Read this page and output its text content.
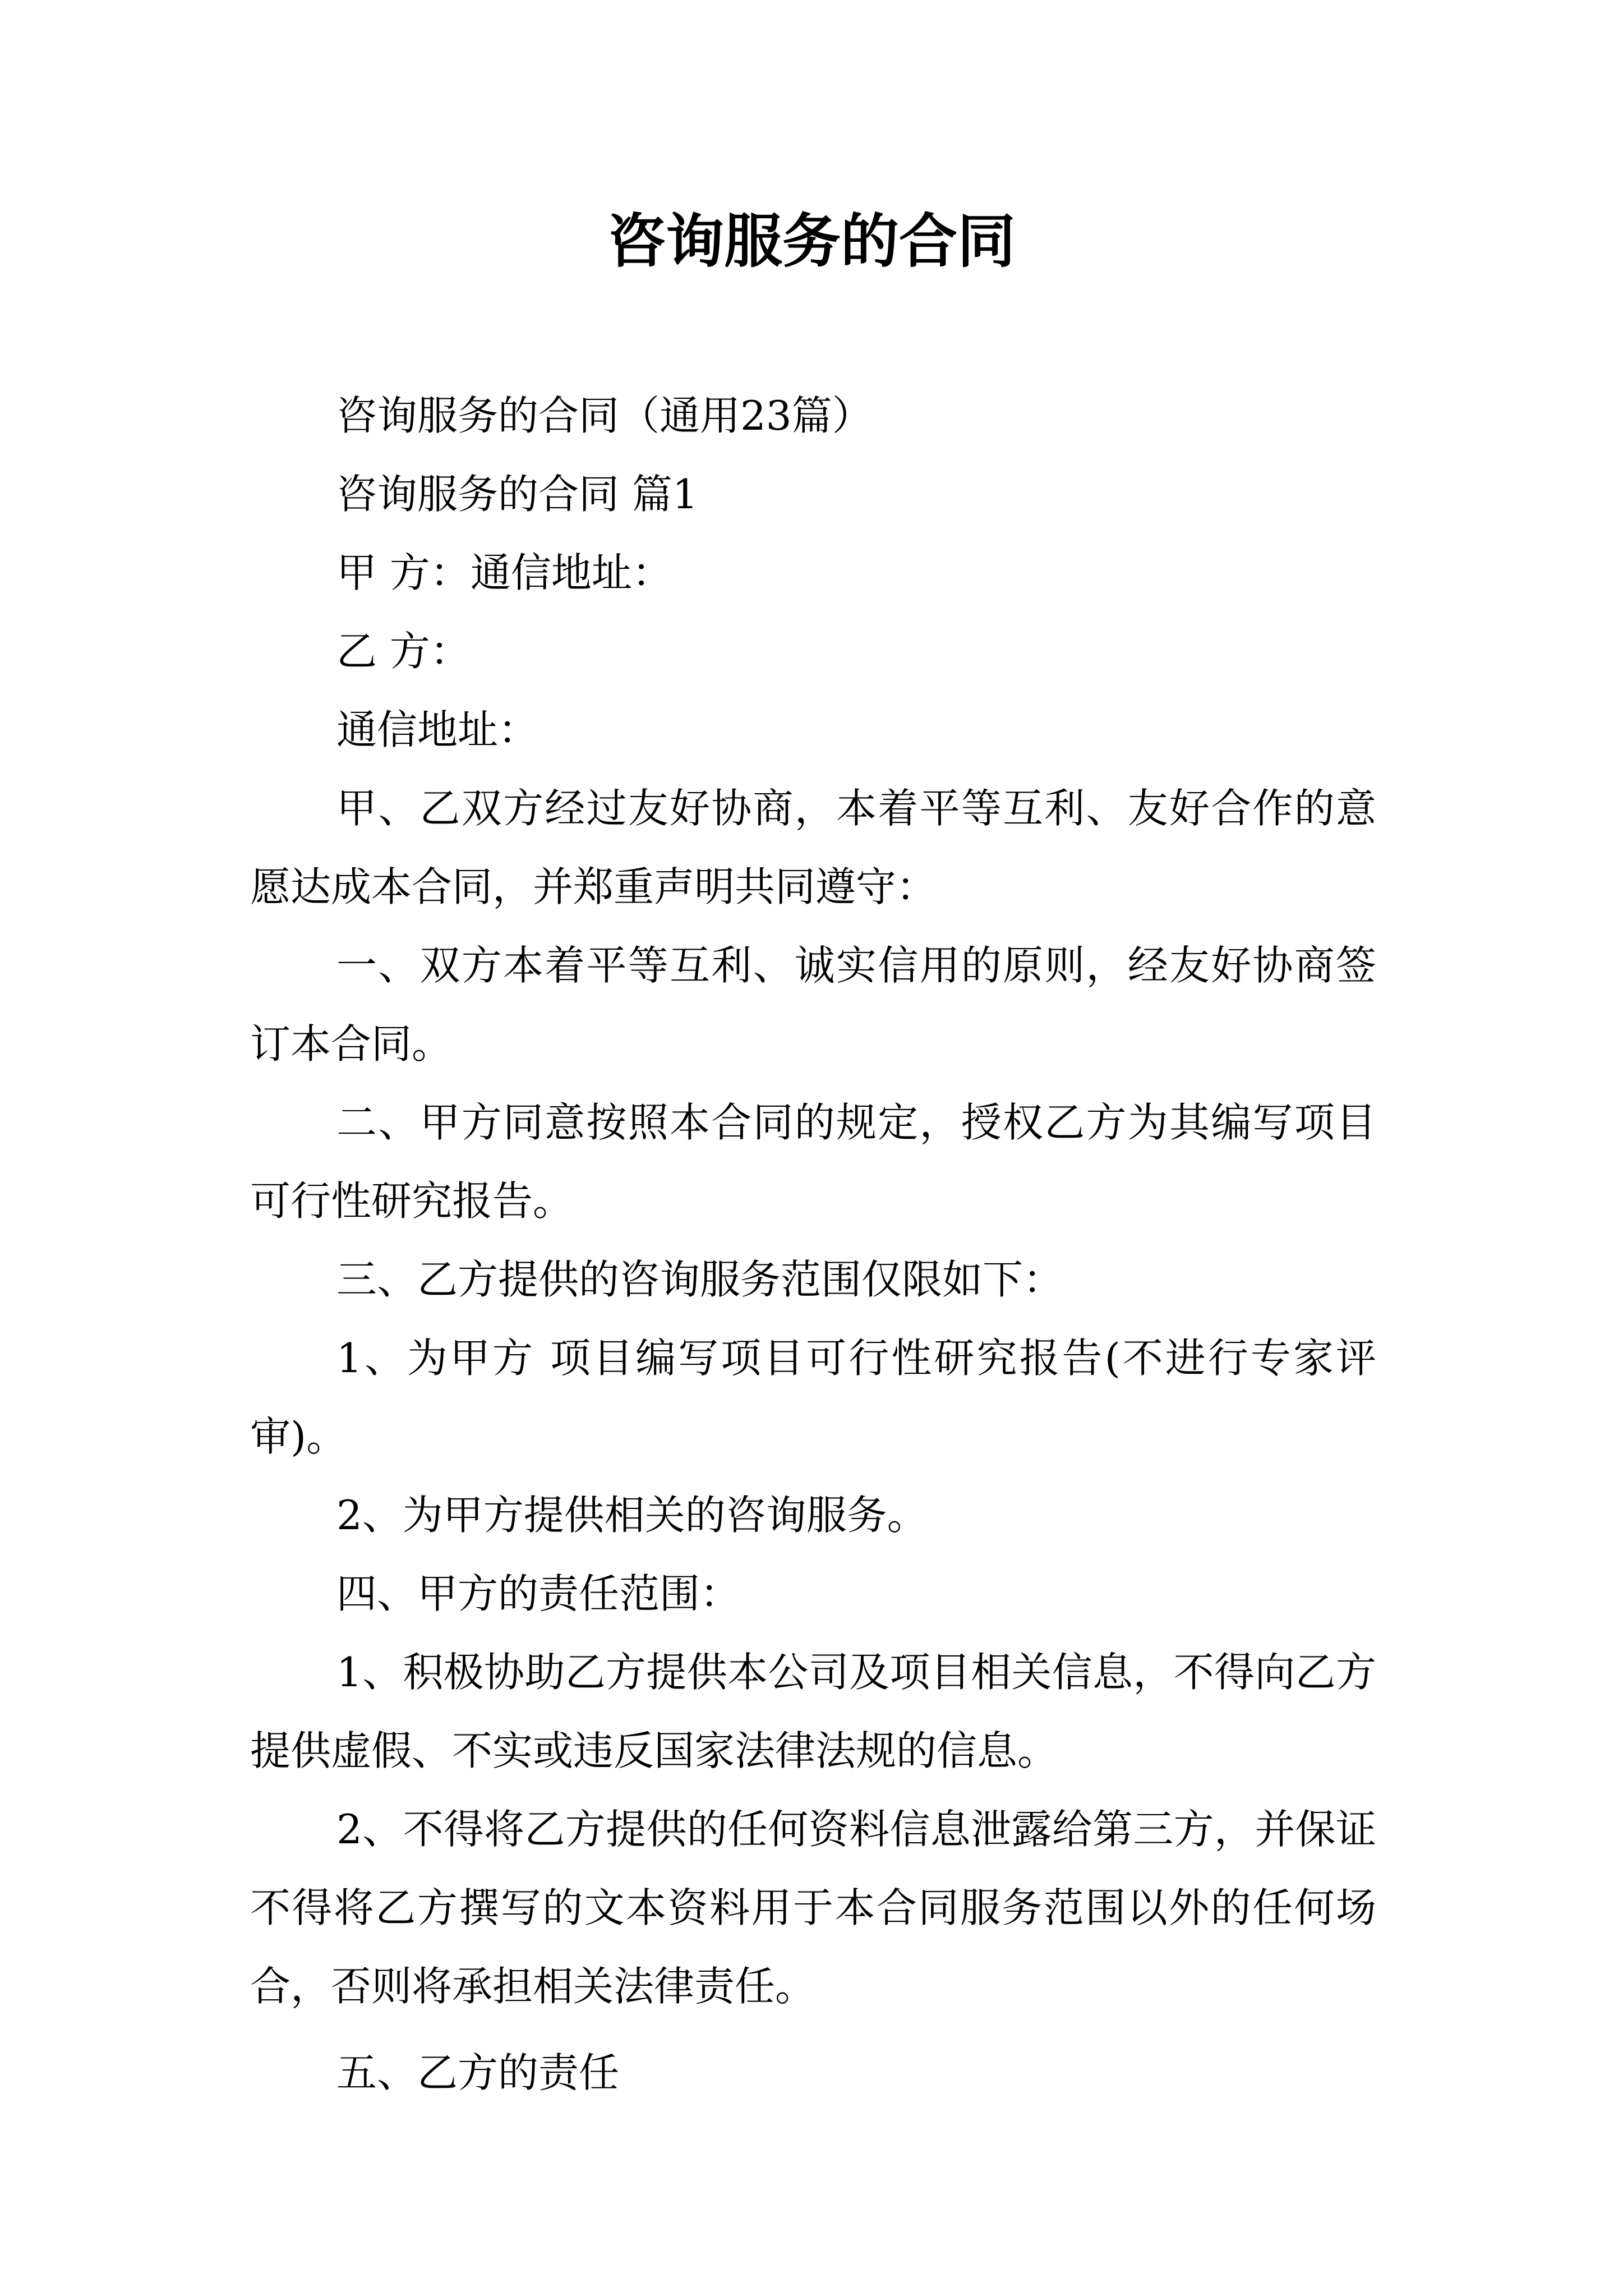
咨询服务的合同

咨询服务的合同（通用23篇）

咨询服务的合同 篇1

甲 方：通信地址：

乙 方：

通信地址：

甲、乙双方经过友好协商，本着平等互利、友好合作的意愿达成本合同，并郑重声明共同遵守：

一、双方本着平等互利、诚实信用的原则，经友好协商签订本合同。

二、甲方同意按照本合同的规定，授权乙方为其编写项目可行性研究报告。

三、乙方提供的咨询服务范围仅限如下：

1、为甲方 项目编写项目可行性研究报告(不进行专家评审)。

2、为甲方提供相关的咨询服务。

四、甲方的责任范围：

1、积极协助乙方提供本公司及项目相关信息，不得向乙方提供虚假、不实或违反国家法律法规的信息。

2、不得将乙方提供的任何资料信息泄露给第三方，并保证不得将乙方撰写的文本资料用于本合同服务范围以外的任何场合，否则将承担相关法律责任。

五、乙方的责任
